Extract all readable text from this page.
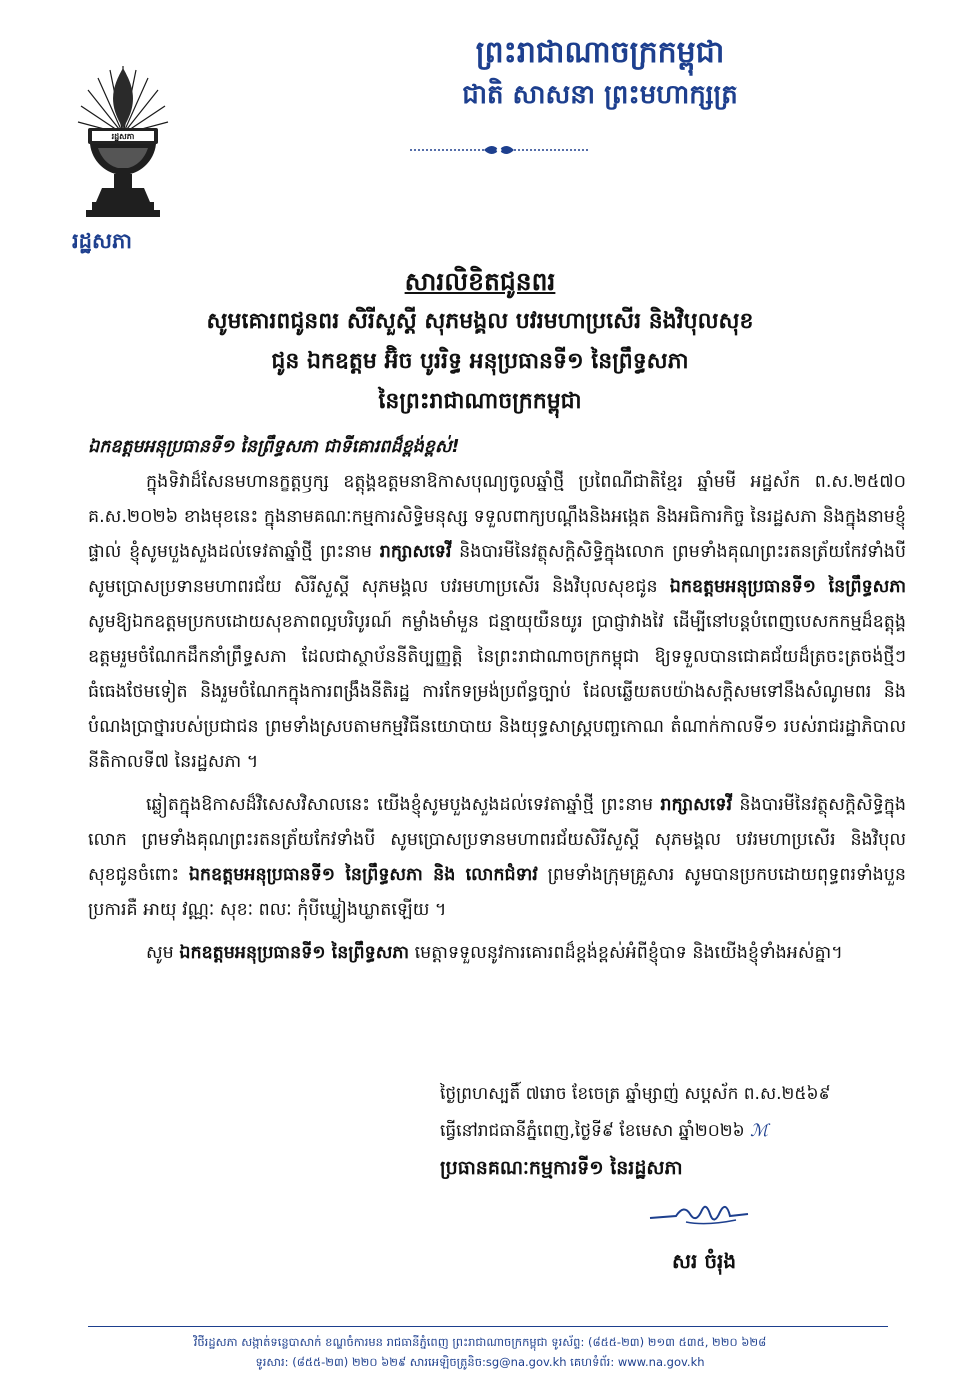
រដ្ឋសភា
រដ្ឋសភា
ព្រះរាជាណាចក្រកម្ពុជា
ជាតិ សាសនា ព្រះមហាក្សត្រ
សារលិខិតជូនពរ
សូមគោរពជូនពរ សិរីសួស្តី សុភមង្គល បវរមហាប្រសើរ និងវិបុលសុខ
ជូន ឯកឧត្តម អ៊ិច បូររិទ្ធ អនុប្រធានទី១ នៃព្រឹទ្ធសភា
នៃព្រះរាជាណាចក្រកម្ពុជា
ឯកឧត្តមអនុប្រធានទី១ នៃព្រឹទ្ធសភា ជាទីគោរពដ៏ខ្ពង់ខ្ពស់!

ក្នុងទិវាដ៏សែនមហានក្ខត្តឫក្ស ឧត្តុង្គឧត្តមនាឱកាសបុណ្យចូលឆ្នាំថ្មី ប្រពៃណីជាតិខ្មែរ ឆ្នាំមមី អដ្ឋស័ក ព.ស.២៥៧០ គ.ស.២០២៦ ខាងមុខនេះ ក្នុងនាមគណៈកម្មការសិទ្ធិមនុស្ស ទទួលពាក្យបណ្តឹងនិងអង្កេត និងអធិការកិច្ច នៃរដ្ឋសភា និងក្នុងនាមខ្ញុំផ្ទាល់ ខ្ញុំសូមបួងសួងដល់ទេវតាឆ្នាំថ្មី ព្រះនាម រាក្សាសទេវី និងបារមីនៃវត្ថុសក្តិសិទ្ធិក្នុងលោក ព្រមទាំងគុណព្រះរតនត្រ័យកែវទាំងបី សូមប្រោសប្រទានមហាពរជ័យ សិរីសួស្តី សុភមង្គល បវរមហាប្រសើរ និងវិបុលសុខជូន ឯកឧត្តមអនុប្រធានទី១ នៃព្រឹទ្ធសភា សូមឱ្យឯកឧត្តមប្រកបដោយសុខភាពល្អបរិបូរណ៍ កម្លាំងមាំមួន ជន្មាយុយឺនយូរ ប្រាជ្ញាវាងវៃ ដើម្បីនៅបន្តបំពេញបេសកកម្មដ៏ឧត្តុង្គឧត្តមរួមចំណែកដឹកនាំព្រឹទ្ធសភា ដែលជាស្ថាប័ននីតិប្បញ្ញត្តិ នៃព្រះរាជាណាចក្រកម្ពុជា ឱ្យទទួលបានជោគជ័យដ៏ត្រចះត្រចង់ថ្មីៗធំធេងថែមទៀត និងរួមចំណែកក្នុងការពង្រឹងនីតិរដ្ឋ ការកែទម្រង់ប្រព័ន្ធច្បាប់ ដែលឆ្លើយតបយ៉ាងសក្តិសមទៅនឹងសំណូមពរ និងបំណងប្រាថ្នារបស់ប្រជាជន ព្រមទាំងស្របតាមកម្មវិធីនយោបាយ និងយុទ្ធសាស្ត្របញ្ចកោណ តំណាក់កាលទី១ របស់រាជរដ្ឋាភិបាលនីតិកាលទី៧ នៃរដ្ឋសភា ។

ឆ្លៀតក្នុងឱកាសដ៏វិសេសវិសាលនេះ យើងខ្ញុំសូមបួងសួងដល់ទេវតាឆ្នាំថ្មី ព្រះនាម រាក្សាសទេវី និងបារមីនៃវត្ថុសក្តិសិទ្ធិក្នុងលោក ព្រមទាំងគុណព្រះរតនត្រ័យកែវទាំងបី សូមប្រោសប្រទានមហាពរជ័យសិរីសួស្តី សុភមង្គល បវរមហាប្រសើរ និងវិបុលសុខជូនចំពោះ ឯកឧត្តមអនុប្រធានទី១ នៃព្រឹទ្ធសភា និង លោកជំទាវ ព្រមទាំងក្រុមគ្រួសារ សូមបានប្រកបដោយពុទ្ធពរទាំងបួនប្រការគឺ អាយុ វណ្ណៈ សុខៈ ពលៈ កុំបីឃ្លៀងឃ្លាតឡើយ ។

សូម ឯកឧត្តមអនុប្រធានទី១ នៃព្រឹទ្ធសភា មេត្តាទទួលនូវការគោរពដ៏ខ្ពង់ខ្ពស់អំពីខ្ញុំបាទ និងយើងខ្ញុំទាំងអស់គ្នា។

ថ្ងៃព្រហស្បតិ៍ ៧រោច ខែចេត្រ ឆ្នាំម្សាញ់ សប្តស័ក ព.ស.២៥៦៩
ធ្វើនៅរាជធានីភ្នំពេញ,ថ្ងៃទី៩ ខែមេសា ឆ្នាំ២០២៦ ℳ
ប្រធានគណៈកម្មការទី១ នៃរដ្ឋសភា
សរ ចំរុង
វិថីរដ្ឋសភា សង្កាត់ទន្លេបាសាក់ ខណ្ឌចំការមន រាជធានីភ្នំពេញ ព្រះរាជាណាចក្រកម្ពុជា ទូរស័ព្ទ: (៨៥៥-២៣) ២១៣ ៥៣៥, ២២០ ៦២៨
ទូរសារ: (៨៥៥-២៣) ២២០ ៦២៩ សារអេឡិចត្រូនិច:sg@na.gov.kh គេហទំព័រ: www.na.gov.kh
